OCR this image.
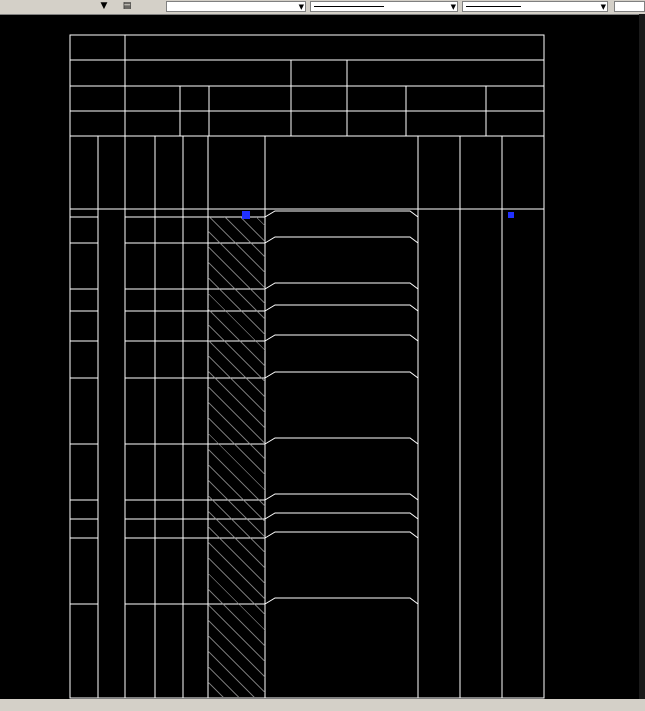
▼	▤	▼	▼	▼
